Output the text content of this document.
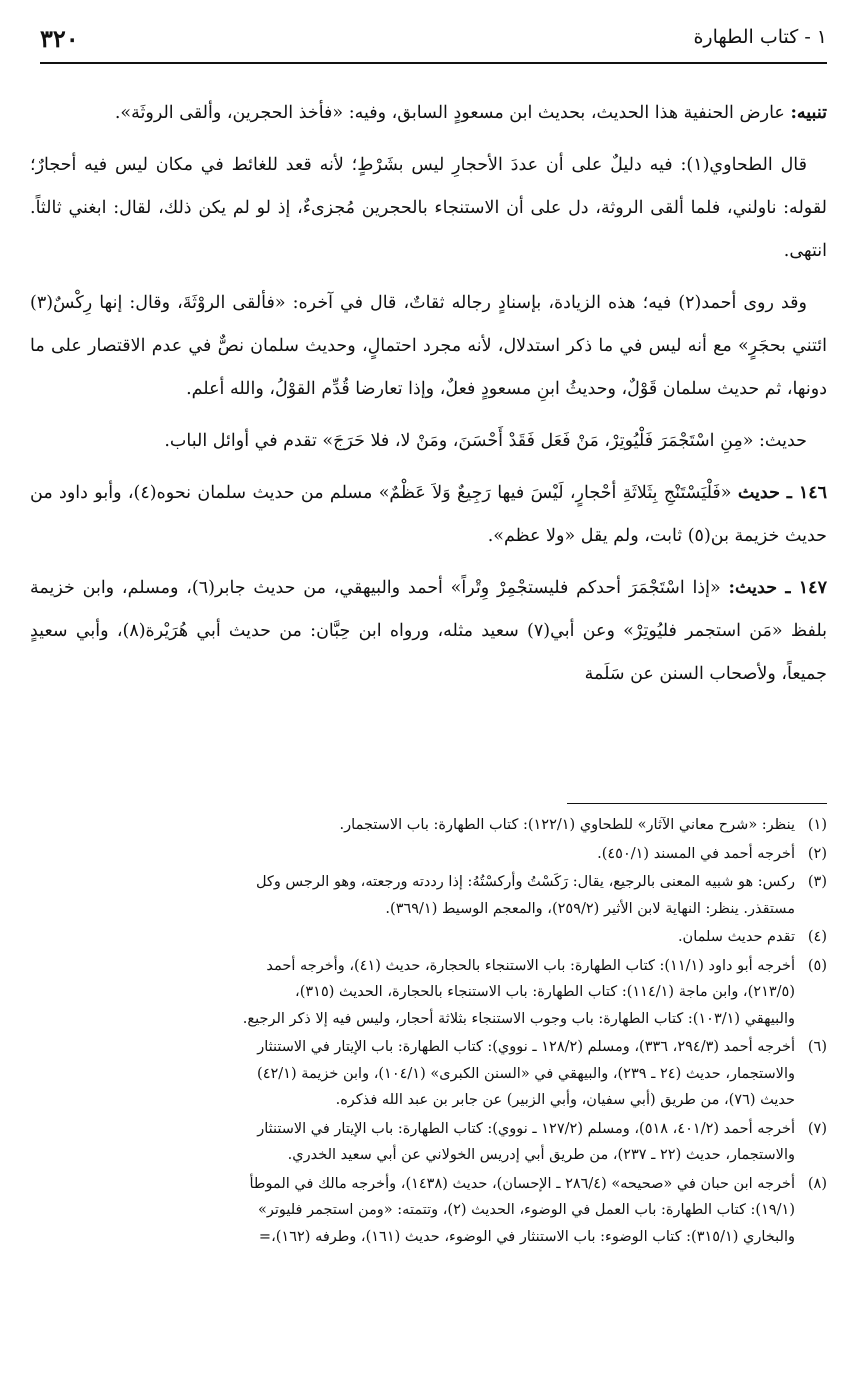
١ - كتاب الطهارة
٣٢٠

تنبيه: عارض الحنفية هذا الحديث، بحديث ابن مسعودٍ السابق، وفيه: «فأخذ الحجرين، وألقى الروثَة».

قال الطحاوي(١): فيه دليلٌ على أن عددَ الأحجارِ ليس بشَرْطٍ؛ لأنه قعد للغائط في مكان ليس فيه أحجارٌ؛ لقوله: ناولني، فلما ألقى الروثة، دل على أن الاستنجاء بالحجرين مُجزىءٌ، إذ لو لم يكن ذلك، لقال: ابغني ثالثاً. انتهى.

وقد روى أحمد(٢) فيه؛ هذه الزيادة، بإسنادٍ رجاله ثقاتٌ، قال في آخره: «فألقى الروْثَةَ، وقال: إنها رِكْسٌ(٣) ائتني بحجَرٍ» مع أنه ليس في ما ذكر استدلال، لأنه مجرد احتمالٍ، وحديث سلمان نصٌّ في عدم الاقتصار على ما دونها، ثم حديث سلمان قَوْلٌ، وحديثُ ابنِ مسعودٍ فعلٌ، وإذا تعارضا قُدِّم القوْلُ، والله أعلم.

حديث: «مِنِ اسْتَجْمَرَ فَلْيُوتِرْ، مَنْ فَعَل فَقَدْ أَحْسَنَ، ومَنْ لا، فلا حَرَجَ» تقدم في أوائل الباب.

١٤٦ ـ حديث «فَلْيَسْتَنْجِ بِثَلاثَةِ أحْجارٍ، لَيْسَ فيها رَجِيعٌ وَلاَ عَظْمٌ» مسلم من حديث سلمان نحوه(٤)، وأبو داود من حديث خزيمة بن(٥) ثابت، ولم يقل «ولا عظم».

١٤٧ ـ حديث: «إذا اسْتَجْمَرَ أحدكم فليستجْمِرْ وِتْراً» أحمد والبيهقي، من حديث جابر(٦)، ومسلم، وابن خزيمة بلفظ «مَن استجمر فليُوتِرْ» وعن أبي(٧) سعيد مثله، ورواه ابن حِبَّان: من حديث أبي هُرَيْرة(٨)، وأبي سعيدٍ جميعاً، ولأصحاب السنن عن سَلَمة

(١)
ينظر: «شرح معاني الآثار» للطحاوي (١٢٢/١): كتاب الطهارة: باب الاستجمار.
(٢)
أخرجه أحمد في المسند (٤٥٠/١).
(٣)
ركس: هو شبيه المعنى بالرجيع، يقال: رَكَسْتُ وأركسْتُهُ: إذا رددته ورجعته، وهو الرجس وكل
مستقذر. ينظر: النهاية لابن الأثير (٢٥٩/٢)، والمعجم الوسيط (٣٦٩/١).
(٤)
تقدم حديث سلمان.
(٥)
أخرجه أبو داود (١١/١): كتاب الطهارة: باب الاستنجاء بالحجارة، حديث (٤١)، وأخرجه أحمد
(٢١٣/٥)، وابن ماجة (١١٤/١): كتاب الطهارة: باب الاستنجاء بالحجارة، الحديث (٣١٥)،
والبيهقي (١٠٣/١): كتاب الطهارة: باب وجوب الاستنجاء بثلاثة أحجار، وليس فيه إلا ذكر الرجيع.
(٦)
أخرجه أحمد (٢٩٤/٣، ٣٣٦)، ومسلم (١٢٨/٢ ـ نووي): كتاب الطهارة: باب الإيتار في الاستنثار
والاستجمار، حديث (٢٤ ـ ٢٣٩)، والبيهقي في «السنن الكبرى» (١٠٤/١)، وابن خزيمة (٤٢/١)
حديث (٧٦)، من طريق (أبي سفيان، وأبي الزبير) عن جابر بن عبد الله فذكره.
(٧)
أخرجه أحمد (٤٠١/٢، ٥١٨)، ومسلم (١٢٧/٢ ـ نووي): كتاب الطهارة: باب الإيتار في الاستنثار
والاستجمار، حديث (٢٢ ـ ٢٣٧)، من طريق أبي إدريس الخولاني عن أبي سعيد الخدري.
(٨)
أخرجه ابن حبان في «صحيحه» (٢٨٦/٤ ـ الإحسان)، حديث (١٤٣٨)، وأخرجه مالك في الموطأ
(١٩/١): كتاب الطهارة: باب العمل في الوضوء، الحديث (٢)، وتتمته: «ومن استجمر فليوتر»
والبخاري (٣١٥/١): كتاب الوضوء: باب الاستنثار في الوضوء، حديث (١٦١)، وطرفه (١٦٢)،=
